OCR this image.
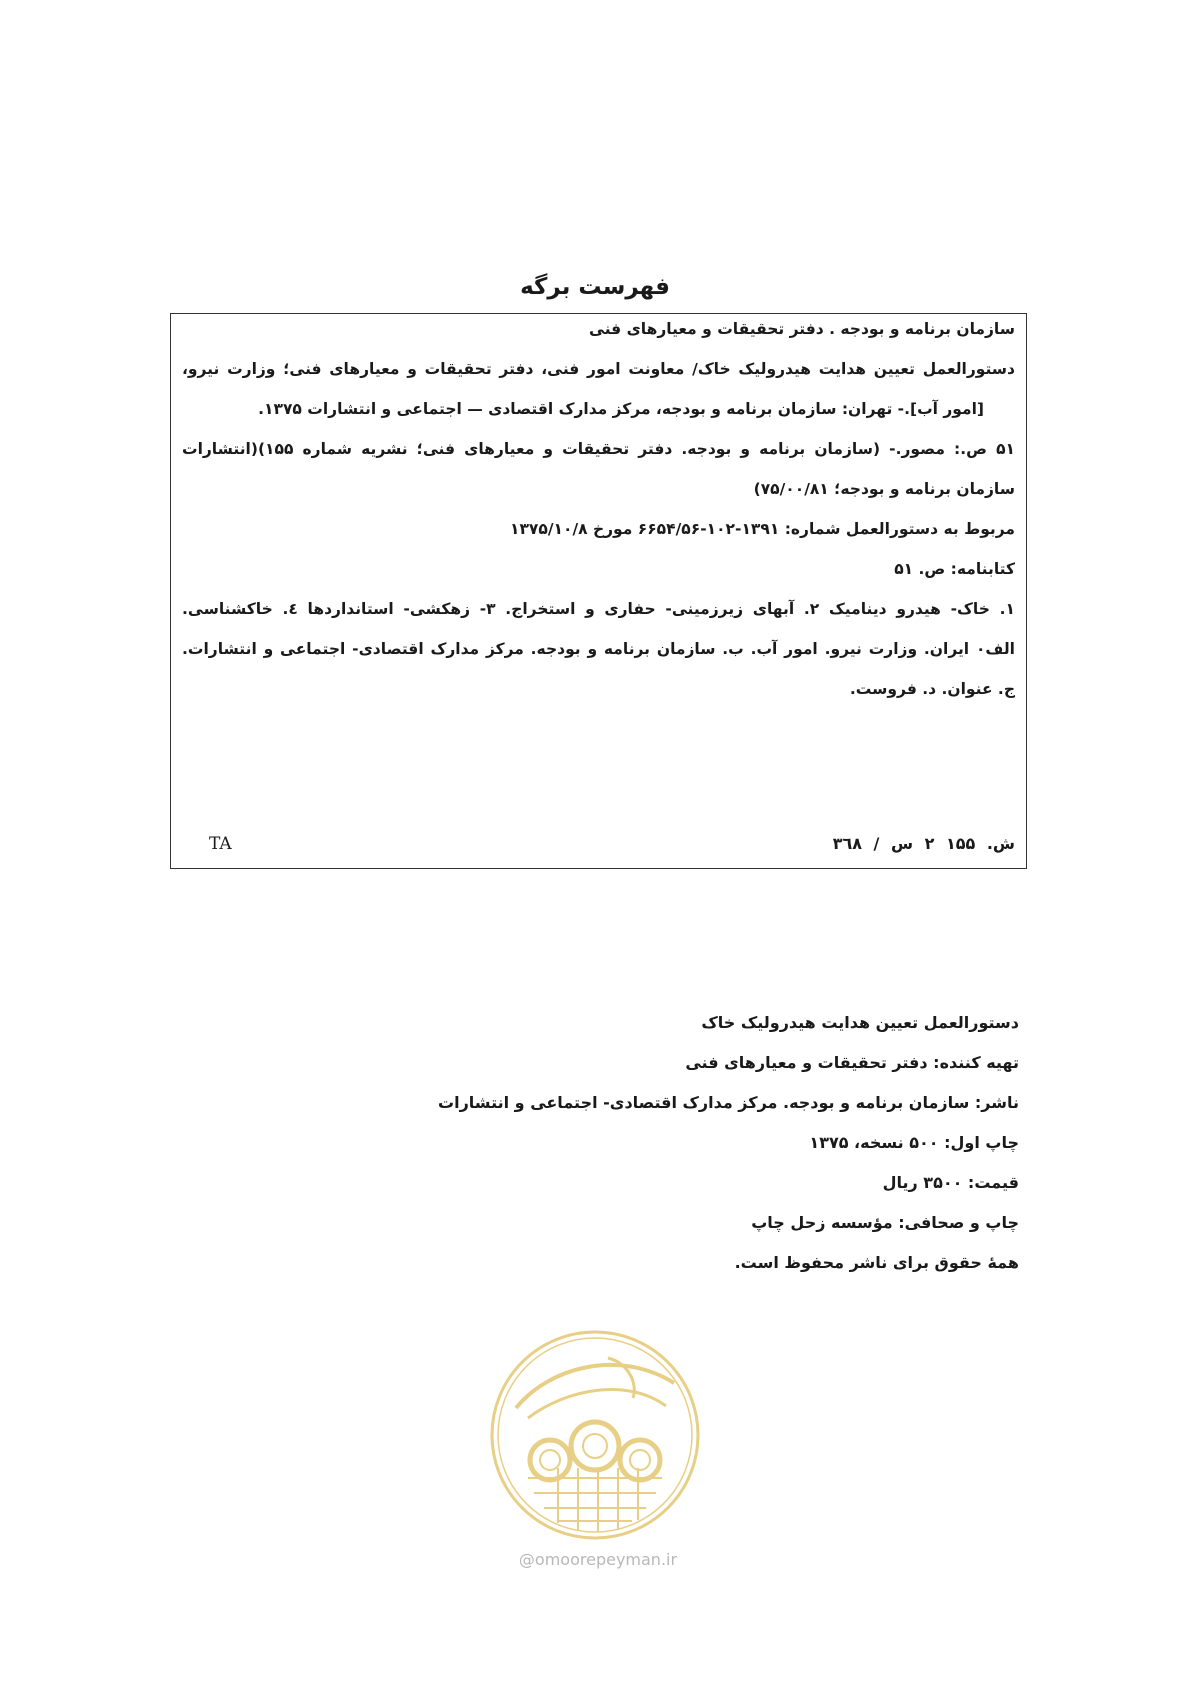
فهرست برگه
سازمان برنامه و بودجه . دفتر تحقیقات و معیارهای فنی
دستورالعمل تعیین هدایت هیدرولیک خاک/ معاونت امور فنی، دفتر تحقیقات و معیارهای فنی؛ وزارت نیرو،
[امور آب].- تهران: سازمان برنامه و بودجه، مرکز مدارک اقتصادی — اجتماعی و انتشارات ۱۳۷۵.
۵۱ ص.: مصور.- (سازمان برنامه و بودجه. دفتر تحقیقات و معیارهای فنی؛ نشریه شماره ۱۵۵)(انتشارات
سازمان برنامه و بودجه؛ ۷۵/۰۰/۸۱)
مربوط به دستورالعمل شماره: ۱۳۹۱-۱۰۲-۶۶۵۴/۵۶ مورخ ۱۳۷۵/۱۰/۸
کتابنامه: ص. ۵۱
۱. خاک- هیدرو دینامیک ۲. آبهای زیرزمینی- حفاری و استخراج. ۳- زهکشی- استانداردها ٤. خاکشناسی.
الف٠ ایران. وزارت نیرو. امور آب. ب. سازمان برنامه و بودجه. مرکز مدارک اقتصادی- اجتماعی و انتشارات.
ج. عنوان. د. فروست.
ش. ۱۵۵ ۲ س / ۳٦۸
TA
دستورالعمل تعیین هدایت هیدرولیک خاک
تهیه کننده: دفتر تحقیقات و معیارهای فنی
ناشر: سازمان برنامه و بودجه. مرکز مدارک اقتصادی- اجتماعی و انتشارات
چاپ اول: ۵۰۰ نسخه، ۱۳۷۵
قیمت: ۳۵۰۰ ریال
چاپ و صحافی: مؤسسه زحل چاپ
همهٔ حقوق برای ناشر محفوظ است.
@omoorepeyman.ir
